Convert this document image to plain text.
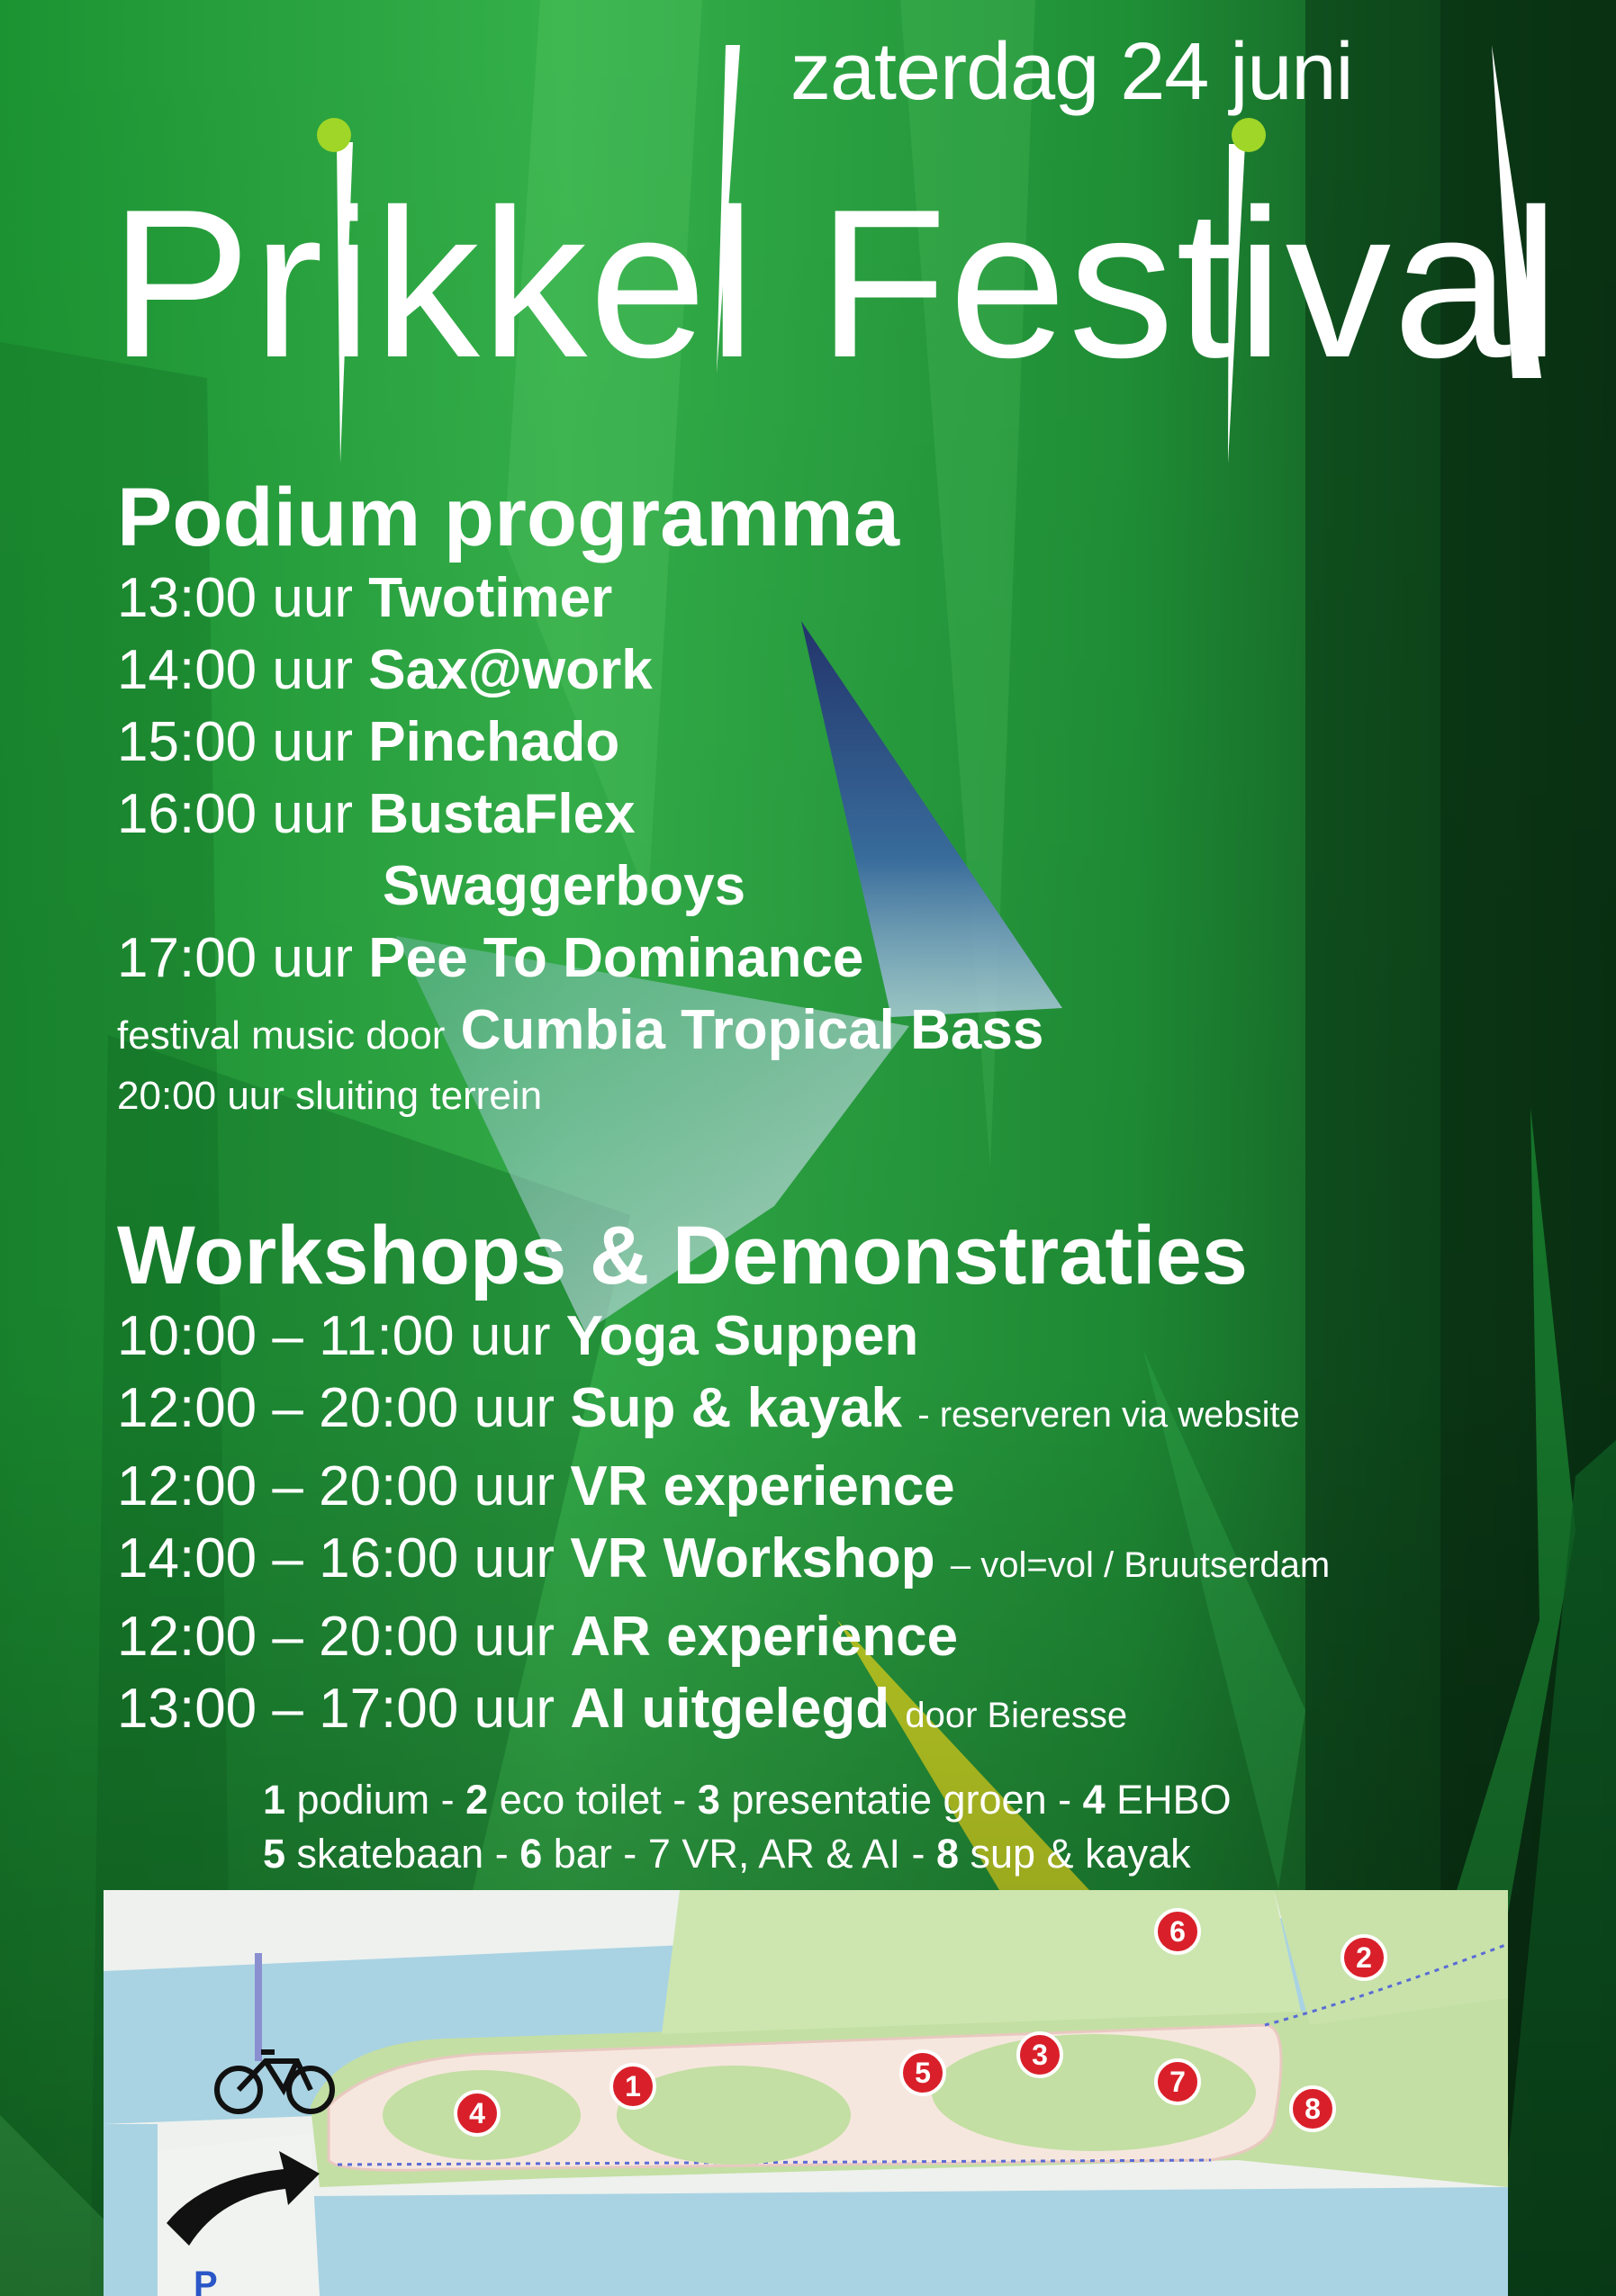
zaterdag 24 juni
Prikkel Festival
Podium programma
13:00 uur Twotimer
14:00 uur Sax@work
15:00 uur Pinchado
16:00 uur BustaFlex
Swaggerboys
17:00 uur Pee To Dominance
festival music door Cumbia Tropical Bass
20:00 uur sluiting terrein
Workshops & Demonstraties
10:00 – 11:00 uur Yoga Suppen
12:00 – 20:00 uur Sup & kayak - reserveren via website
12:00 – 20:00 uur VR experience
14:00 – 16:00 uur VR Workshop – vol=vol / Bruutserdam
12:00 – 20:00 uur AR experience
13:00 – 17:00 uur AI uitgelegd door Bieresse
1 podium - 2 eco toilet - 3 presentatie groen - 4 EHBO
5 skatebaan - 6 bar - 7 VR, AR & AI - 8 sup & kayak
P
1
2
3
4
5
6
7
8
